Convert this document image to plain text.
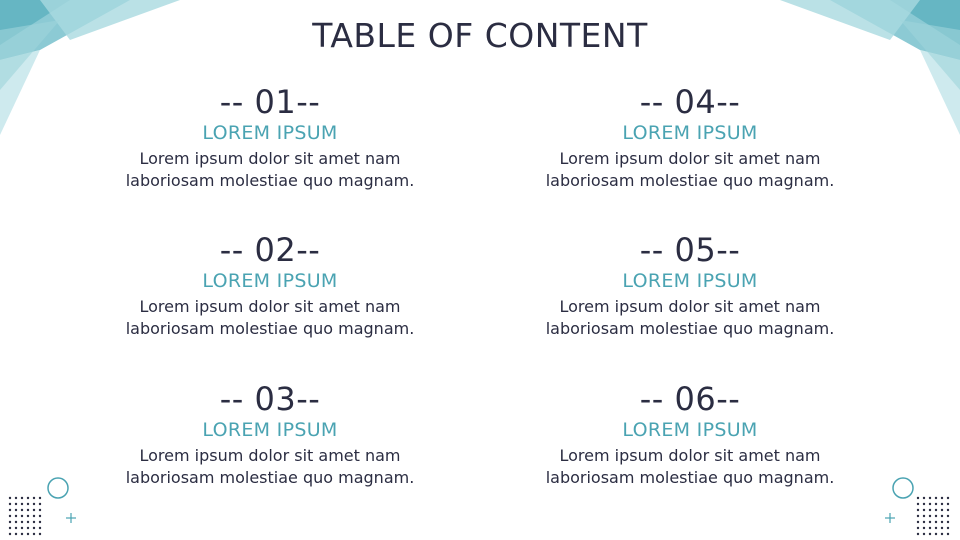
TABLE OF CONTENT
-- 01--
LOREM IPSUM
Lorem ipsum dolor sit amet nam
laboriosam molestiae quo magnam.
-- 02--
LOREM IPSUM
Lorem ipsum dolor sit amet nam
laboriosam molestiae quo magnam.
-- 03--
LOREM IPSUM
Lorem ipsum dolor sit amet nam
laboriosam molestiae quo magnam.
-- 04--
LOREM IPSUM
Lorem ipsum dolor sit amet nam
laboriosam molestiae quo magnam.
-- 05--
LOREM IPSUM
Lorem ipsum dolor sit amet nam
laboriosam molestiae quo magnam.
-- 06--
LOREM IPSUM
Lorem ipsum dolor sit amet nam
laboriosam molestiae quo magnam.
